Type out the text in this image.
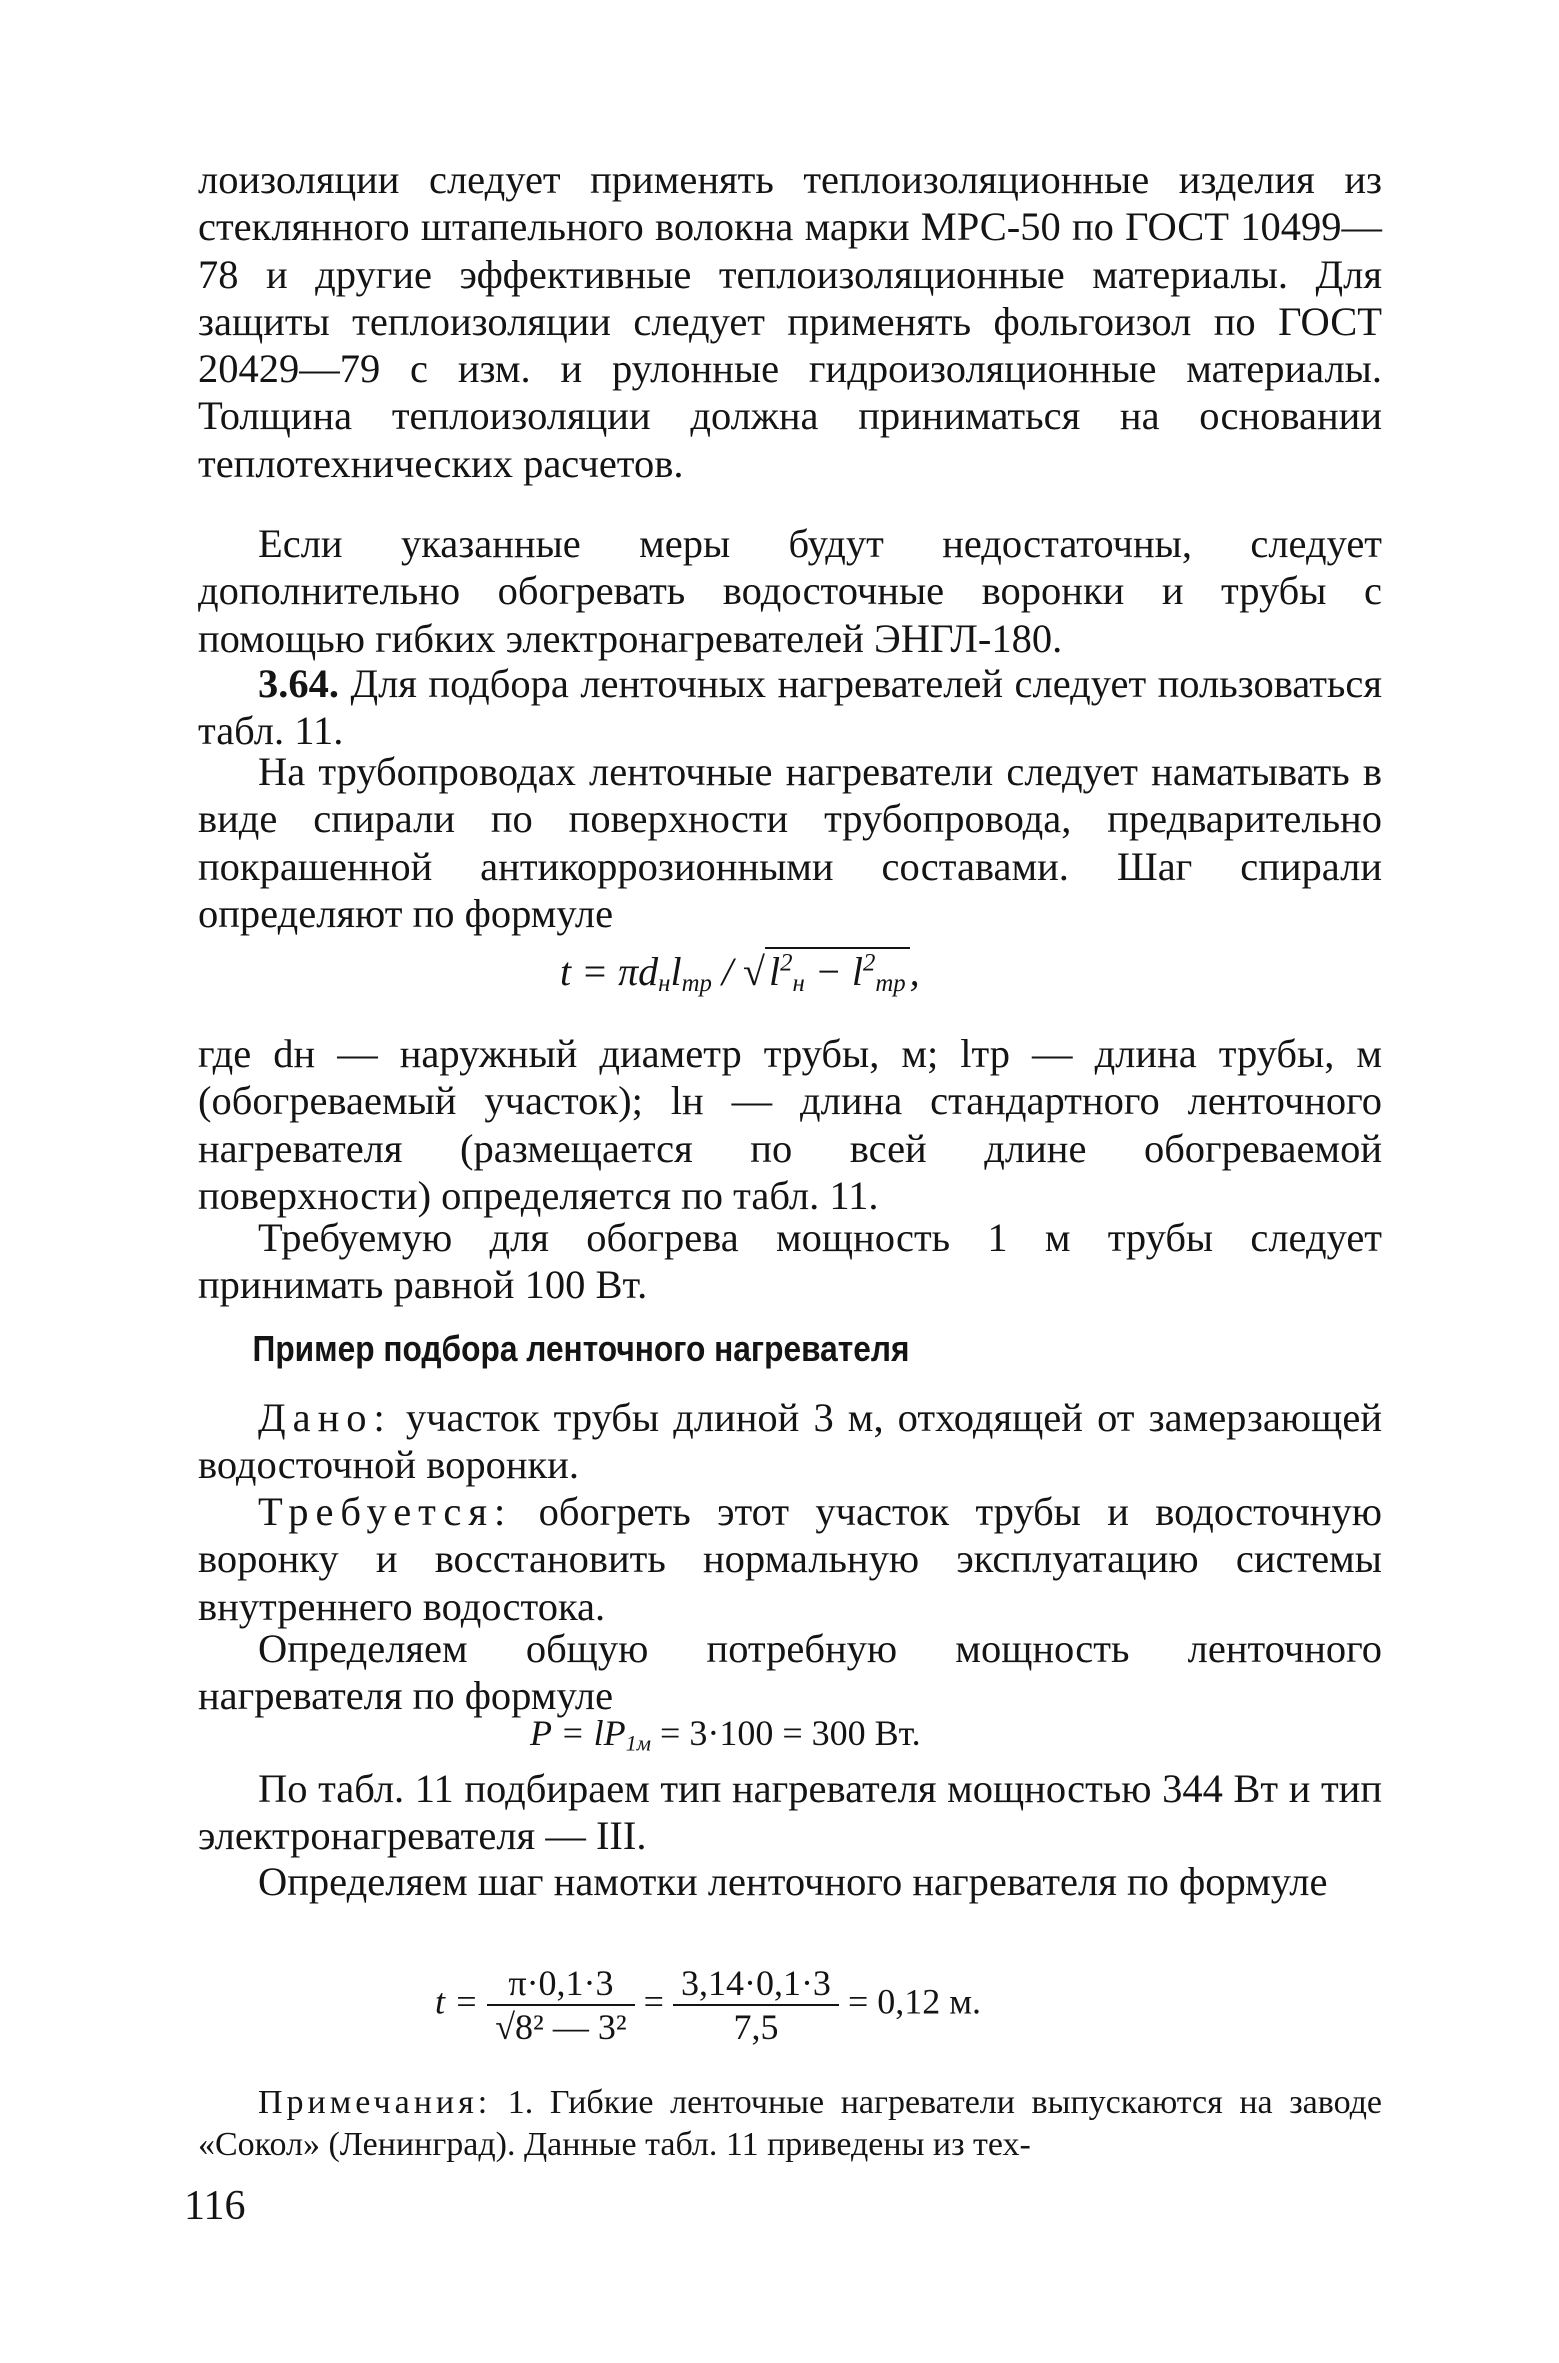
лоизоляции следует применять теплоизоляционные изделия из стеклянного штапельного волокна марки МРС-50 по ГОСТ 10499—78 и другие эффективные теплоизоляционные материалы. Для защиты теплоизоляции следует применять фольгоизол по ГОСТ 20429—79 с изм. и рулонные гидроизоляционные материалы. Толщина теплоизоляции должна приниматься на основании теплотехнических расчетов.

Если указанные меры будут недостаточны, следует дополнительно обогревать водосточные воронки и трубы с помощью гибких электронагревателей ЭНГЛ-180.

3.64. Для подбора ленточных нагревателей следует пользоваться табл. 11.

На трубопроводах ленточные нагреватели следует наматывать в виде спирали по поверхности трубопровода, предварительно покрашенной антикоррозионными составами. Шаг спирали определяют по формуле

$t = \pi d_нl_{тр}$ / √ $l^2_н - l^2_{тр}$ ,

где dн — наружный диаметр трубы, м; lтр — длина трубы, м (обогреваемый участок); lн — длина стандартного ленточного нагревателя (размещается по всей длине обогреваемой поверхности) определяется по табл. 11.

Требуемую для обогрева мощность 1 м трубы следует принимать равной 100 Вт.

Пример подбора ленточного нагревателя

Дано: участок трубы длиной 3 м, отходящей от замерзающей водосточной воронки.

Требуется: обогреть этот участок трубы и водосточную воронку и восстановить нормальную эксплуатацию системы внутреннего водостока.

Определяем общую потребную мощность ленточного нагревателя по формуле

$P = lP_{1м} = 3\cdot 100 = 300$ Вт.

По табл. 11 подбираем тип нагревателя мощностью 344 Вт и тип электронагревателя — III.

Определяем шаг намотки ленточного нагревателя по формуле

$t = \frac{\pi\cdot 0,1\cdot 3}{\text{√8² — 3²}} = \frac{3,14\cdot 0,1\cdot 3}{7,5} = 0,12$ м.

Примечания: 1. Гибкие ленточные нагреватели выпускаются на заводе «Сокол» (Ленинград). Данные табл. 11 приведены из тех-

116
